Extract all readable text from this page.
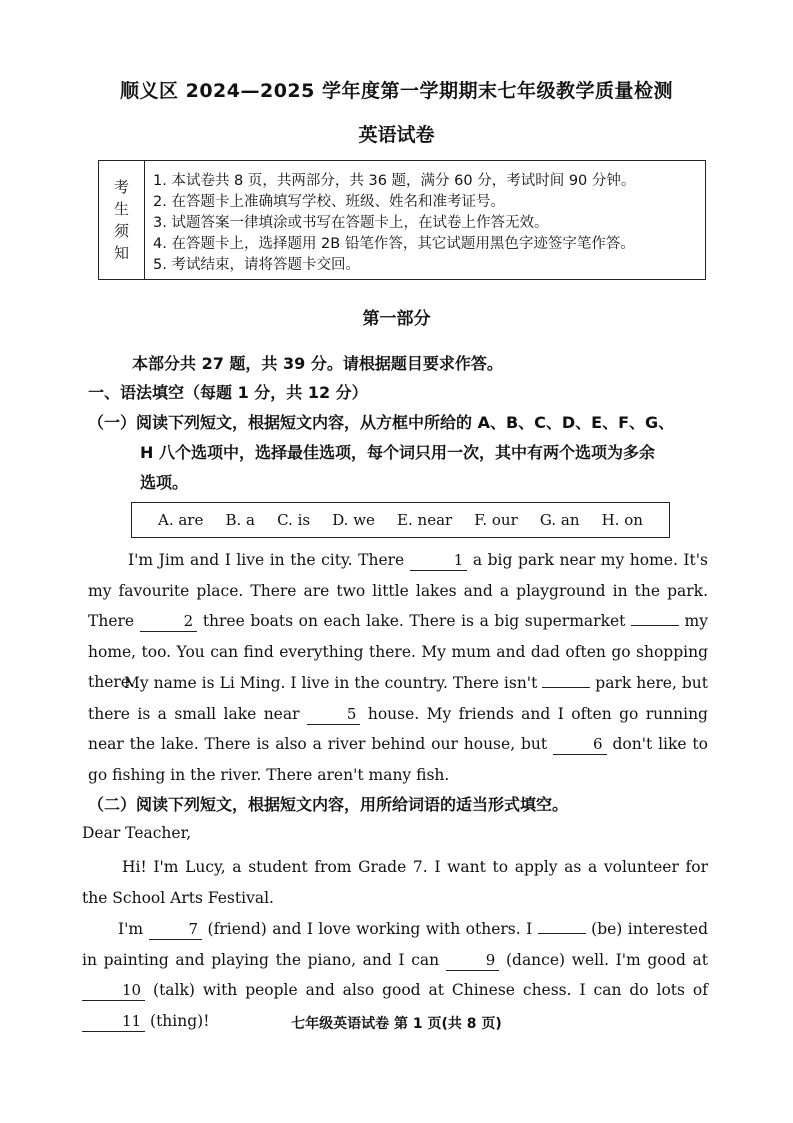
顺义区 2024—2025 学年度第一学期期末七年级教学质量检测
英语试卷
考
生
须
知
1. 本试卷共 8 页，共两部分，共 36 题，满分 60 分，考试时间 90 分钟。
2. 在答题卡上准确填写学校、班级、姓名和准考证号。
3. 试题答案一律填涂或书写在答题卡上，在试卷上作答无效。
4. 在答题卡上，选择题用 2B 铅笔作答，其它试题用黑色字迹签字笔作答。
5. 考试结束，请将答题卡交回。
第一部分
本部分共 27 题，共 39 分。请根据题目要求作答。
一、语法填空（每题 1 分，共 12 分）
（一）阅读下列短文，根据短文内容，从方框中所给的 A、B、C、D、E、F、G、
H 八个选项中，选择最佳选项，每个词只用一次，其中有两个选项为多余
选项。
A. are B. a C. is D. we E. near F. our G. an H. on
I'm Jim and I live in the city. There	1 a big park near my home. It's my favourite place. There are two little lakes and a playground in the park. There	2 three boats on each lake. There is a big supermarket	my home, too. You can find everything there. My mum and dad often go shopping there.
My name is Li Ming. I live in the country. There isn't	park here, but there is a small lake near	5 house. My friends and I often go running near the lake. There is also a river behind our house, but	6 don't like to go fishing in the river. There aren't many fish.
（二）阅读下列短文，根据短文内容，用所给词语的适当形式填空。
Dear Teacher,
Hi! I'm Lucy, a student from Grade 7. I want to apply as a volunteer for the School Arts Festival.
I'm	7 (friend) and I love working with others. I	(be) interested in painting and playing the piano, and I can	9 (dance) well. I'm good at 10 (talk) with people and also good at Chinese chess. I can do lots of 11 (thing)!	七年级英语试卷 第 1 页(共 8 页)
